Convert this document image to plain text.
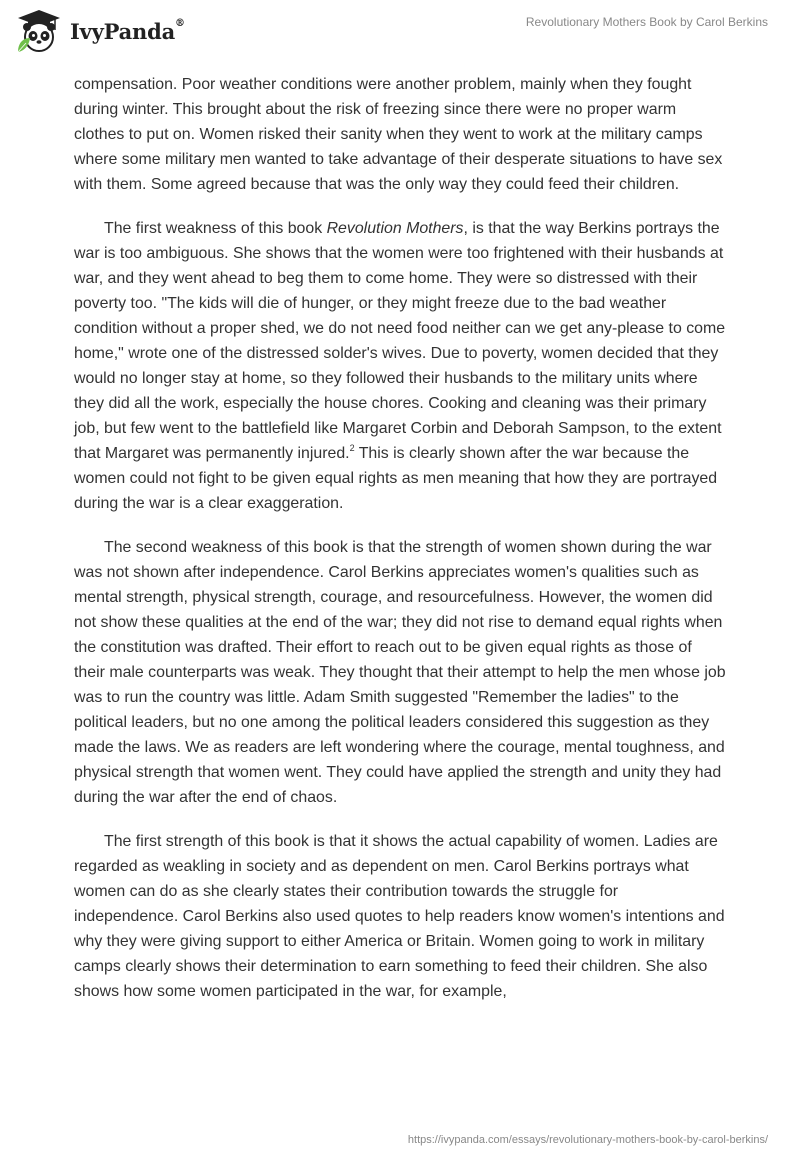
IvyPanda®	Revolutionary Mothers Book by Carol Berkins

compensation. Poor weather conditions were another problem, mainly when they fought during winter. This brought about the risk of freezing since there were no proper warm clothes to put on. Women risked their sanity when they went to work at the military camps where some military men wanted to take advantage of their desperate situations to have sex with them. Some agreed because that was the only way they could feed their children.

The first weakness of this book Revolution Mothers, is that the way Berkins portrays the war is too ambiguous. She shows that the women were too frightened with their husbands at war, and they went ahead to beg them to come home. They were so distressed with their poverty too. "The kids will die of hunger, or they might freeze due to the bad weather condition without a proper shed, we do not need food neither can we get any-please to come home," wrote one of the distressed solder's wives. Due to poverty, women decided that they would no longer stay at home, so they followed their husbands to the military units where they did all the work, especially the house chores. Cooking and cleaning was their primary job, but few went to the battlefield like Margaret Corbin and Deborah Sampson, to the extent that Margaret was permanently injured.$^2$ This is clearly shown after the war because the women could not fight to be given equal rights as men meaning that how they are portrayed during the war is a clear exaggeration.

The second weakness of this book is that the strength of women shown during the war was not shown after independence. Carol Berkins appreciates women's qualities such as mental strength, physical strength, courage, and resourcefulness. However, the women did not show these qualities at the end of the war; they did not rise to demand equal rights when the constitution was drafted. Their effort to reach out to be given equal rights as those of their male counterparts was weak. They thought that their attempt to help the men whose job was to run the country was little. Adam Smith suggested "Remember the ladies" to the political leaders, but no one among the political leaders considered this suggestion as they made the laws. We as readers are left wondering where the courage, mental toughness, and physical strength that women went. They could have applied the strength and unity they had during the war after the end of chaos.

The first strength of this book is that it shows the actual capability of women. Ladies are regarded as weakling in society and as dependent on men. Carol Berkins portrays what women can do as she clearly states their contribution towards the struggle for independence. Carol Berkins also used quotes to help readers know women's intentions and why they were giving support to either America or Britain. Women going to work in military camps clearly shows their determination to earn something to feed their children. She also shows how some women participated in the war, for example,

https://ivypanda.com/essays/revolutionary-mothers-book-by-carol-berkins/
